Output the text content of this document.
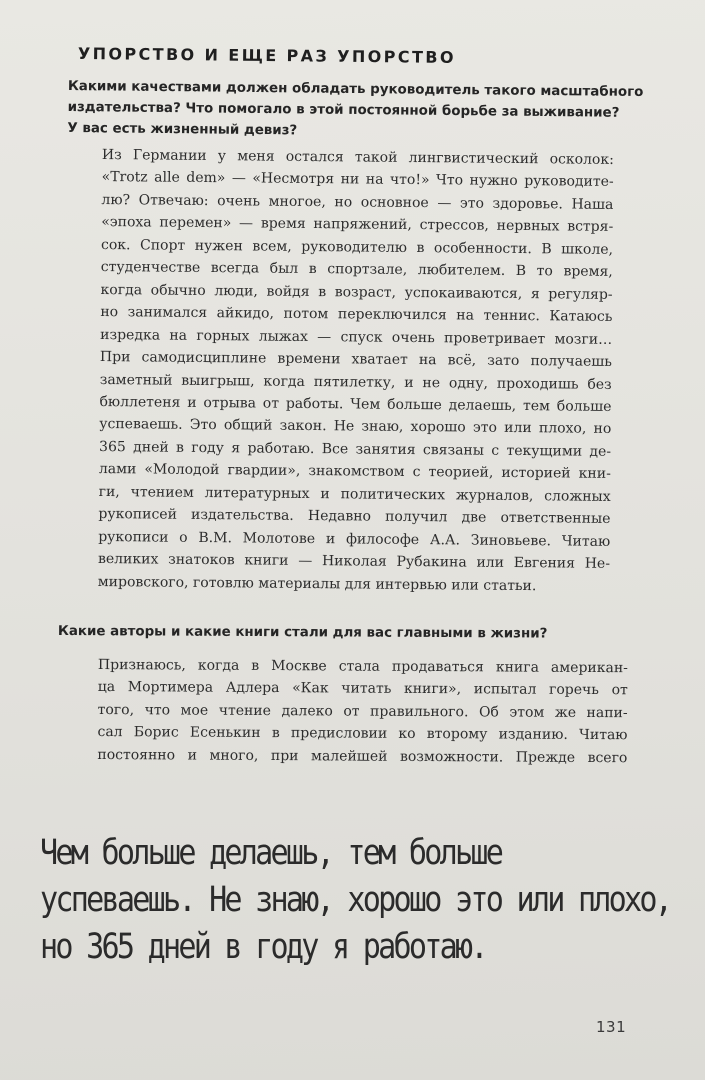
УПОРСТВО И ЕЩЕ РАЗ УПОРСТВО
Какими качествами должен обладать руководитель такого масштабного
издательства? Что помогало в этой постоянной борьбе за выживание?
У вас есть жизненный девиз?
Из Германии у меня остался такой лингвистический осколок:
«Trotz alle dem» — «Несмотря ни на что!» Что нужно руководите-
лю? Отвечаю: очень многое, но основное — это здоровье. Наша
«эпоха перемен» — время напряжений, стрессов, нервных встря-
сок. Спорт нужен всем, руководителю в особенности. В школе,
студенчестве всегда был в спортзале, любителем. В то время,
когда обычно люди, войдя в возраст, успокаиваются, я регуляр-
но занимался айкидо, потом переключился на теннис. Катаюсь
изредка на горных лыжах — спуск очень проветривает мозги…
При самодисциплине времени хватает на всё, зато получаешь
заметный выигрыш, когда пятилетку, и не одну, проходишь без
бюллетеня и отрыва от работы. Чем больше делаешь, тем больше
успеваешь. Это общий закон. Не знаю, хорошо это или плохо, но
365 дней в году я работаю. Все занятия связаны с текущими де-
лами «Молодой гвардии», знакомством с теорией, историей кни-
ги, чтением литературных и политических журналов, сложных
рукописей издательства. Недавно получил две ответственные
рукописи о В.М. Молотове и философе А.А. Зиновьеве. Читаю
великих знатоков книги — Николая Рубакина или Евгения Не-
мировского, готовлю материалы для интервью или статьи.
Какие авторы и какие книги стали для вас главными в жизни?
Признаюсь, когда в Москве стала продаваться книга американ-
ца Мортимера Адлера «Как читать книги», испытал горечь от
того, что мое чтение далеко от правильного. Об этом же напи-
сал Борис Есенькин в предисловии ко второму изданию. Читаю
постоянно и много, при малейшей возможности. Прежде всего
Чем больше делаешь, тем больше
успеваешь. Не знаю, хорошо это или плохо,
но 365 дней в году я работаю.
131
